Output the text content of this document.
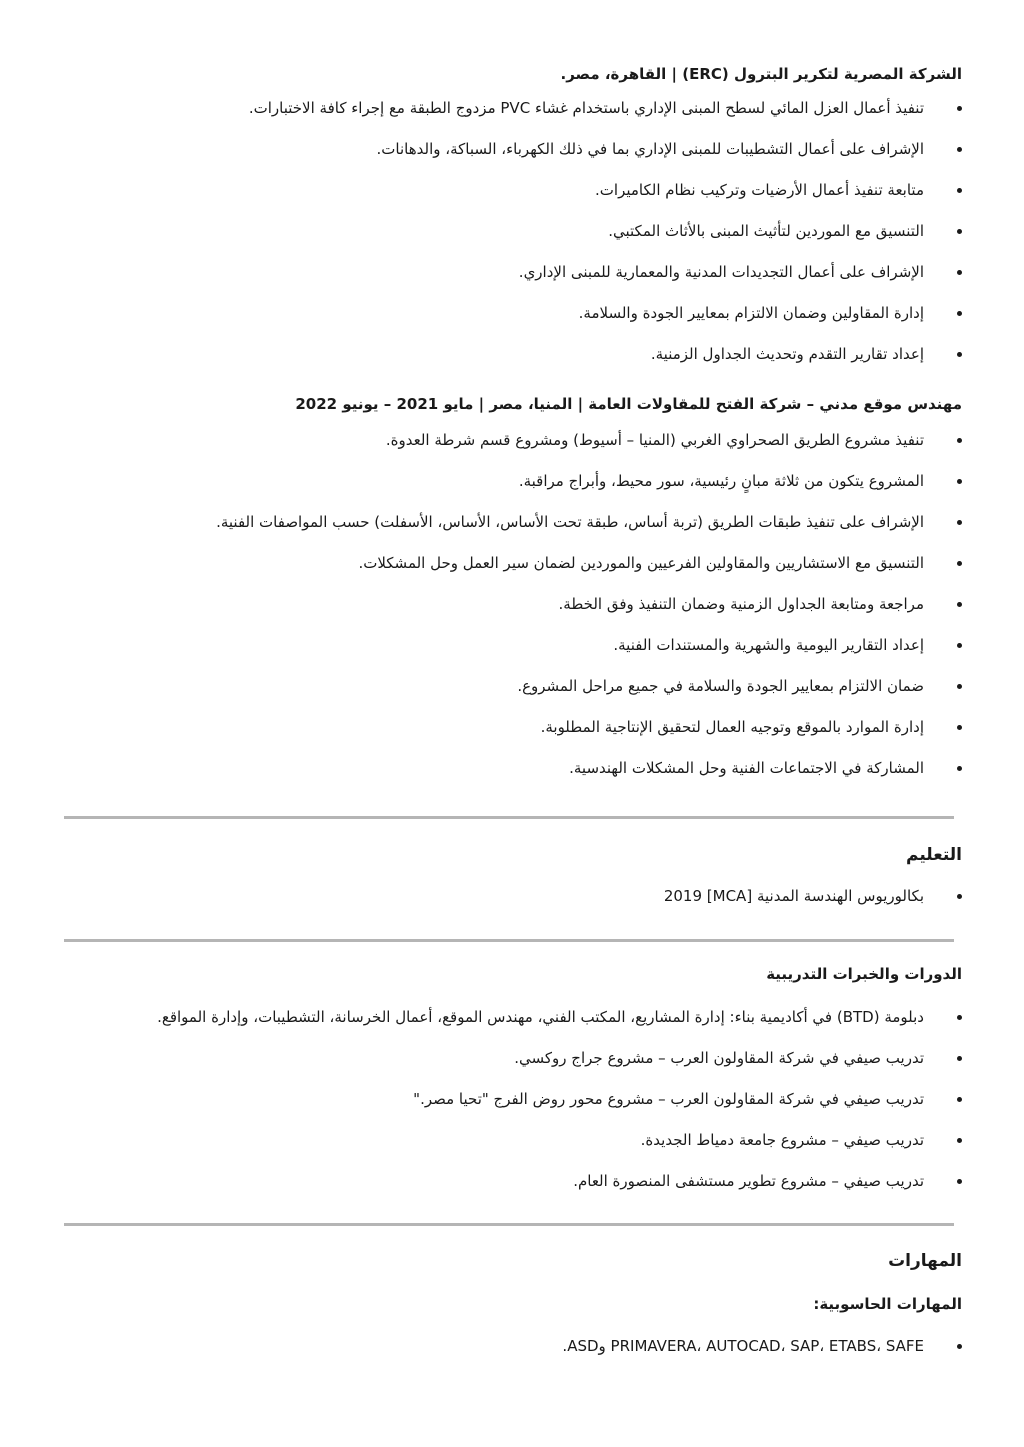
الشركة المصرية لتكرير البترول (ERC) | القاهرة، مصر.

تنفيذ أعمال العزل المائي لسطح المبنى الإداري باستخدام غشاء PVC مزدوج الطبقة مع إجراء كافة الاختبارات.
الإشراف على أعمال التشطيبات للمبنى الإداري بما في ذلك الكهرباء، السباكة، والدهانات.
متابعة تنفيذ أعمال الأرضيات وتركيب نظام الكاميرات.
التنسيق مع الموردين لتأثيث المبنى بالأثاث المكتبي.
الإشراف على أعمال التجديدات المدنية والمعمارية للمبنى الإداري.
إدارة المقاولين وضمان الالتزام بمعايير الجودة والسلامة.
إعداد تقارير التقدم وتحديث الجداول الزمنية.

مهندس موقع مدني – شركة الفتح للمقاولات العامة | المنيا، مصر | مايو 2021 – يونيو 2022

تنفيذ مشروع الطريق الصحراوي الغربي (المنيا – أسيوط) ومشروع قسم شرطة العدوة.
المشروع يتكون من ثلاثة مبانٍ رئيسية، سور محيط، وأبراج مراقبة.
الإشراف على تنفيذ طبقات الطريق (تربة أساس، طبقة تحت الأساس، الأساس، الأسفلت) حسب المواصفات الفنية.
التنسيق مع الاستشاريين والمقاولين الفرعيين والموردين لضمان سير العمل وحل المشكلات.
مراجعة ومتابعة الجداول الزمنية وضمان التنفيذ وفق الخطة.
إعداد التقارير اليومية والشهرية والمستندات الفنية.
ضمان الالتزام بمعايير الجودة والسلامة في جميع مراحل المشروع.
إدارة الموارد بالموقع وتوجيه العمال لتحقيق الإنتاجية المطلوبة.
المشاركة في الاجتماعات الفنية وحل المشكلات الهندسية.

التعليم

بكالوريوس الهندسة المدنية [MCA] 2019

الدورات والخبرات التدريبية

دبلومة (BTD) في أكاديمية بناء: إدارة المشاريع، المكتب الفني، مهندس الموقع، أعمال الخرسانة، التشطيبات، وإدارة المواقع.
تدريب صيفي في شركة المقاولون العرب – مشروع جراج روكسي.
تدريب صيفي في شركة المقاولون العرب – مشروع محور روض الفرج "تحيا مصر."
تدريب صيفي – مشروع جامعة دمياط الجديدة.
تدريب صيفي – مشروع تطوير مستشفى المنصورة العام.

المهارات

المهارات الحاسوبية:

PRIMAVERA، AUTOCAD، SAP، ETABS، SAFE وASD.
